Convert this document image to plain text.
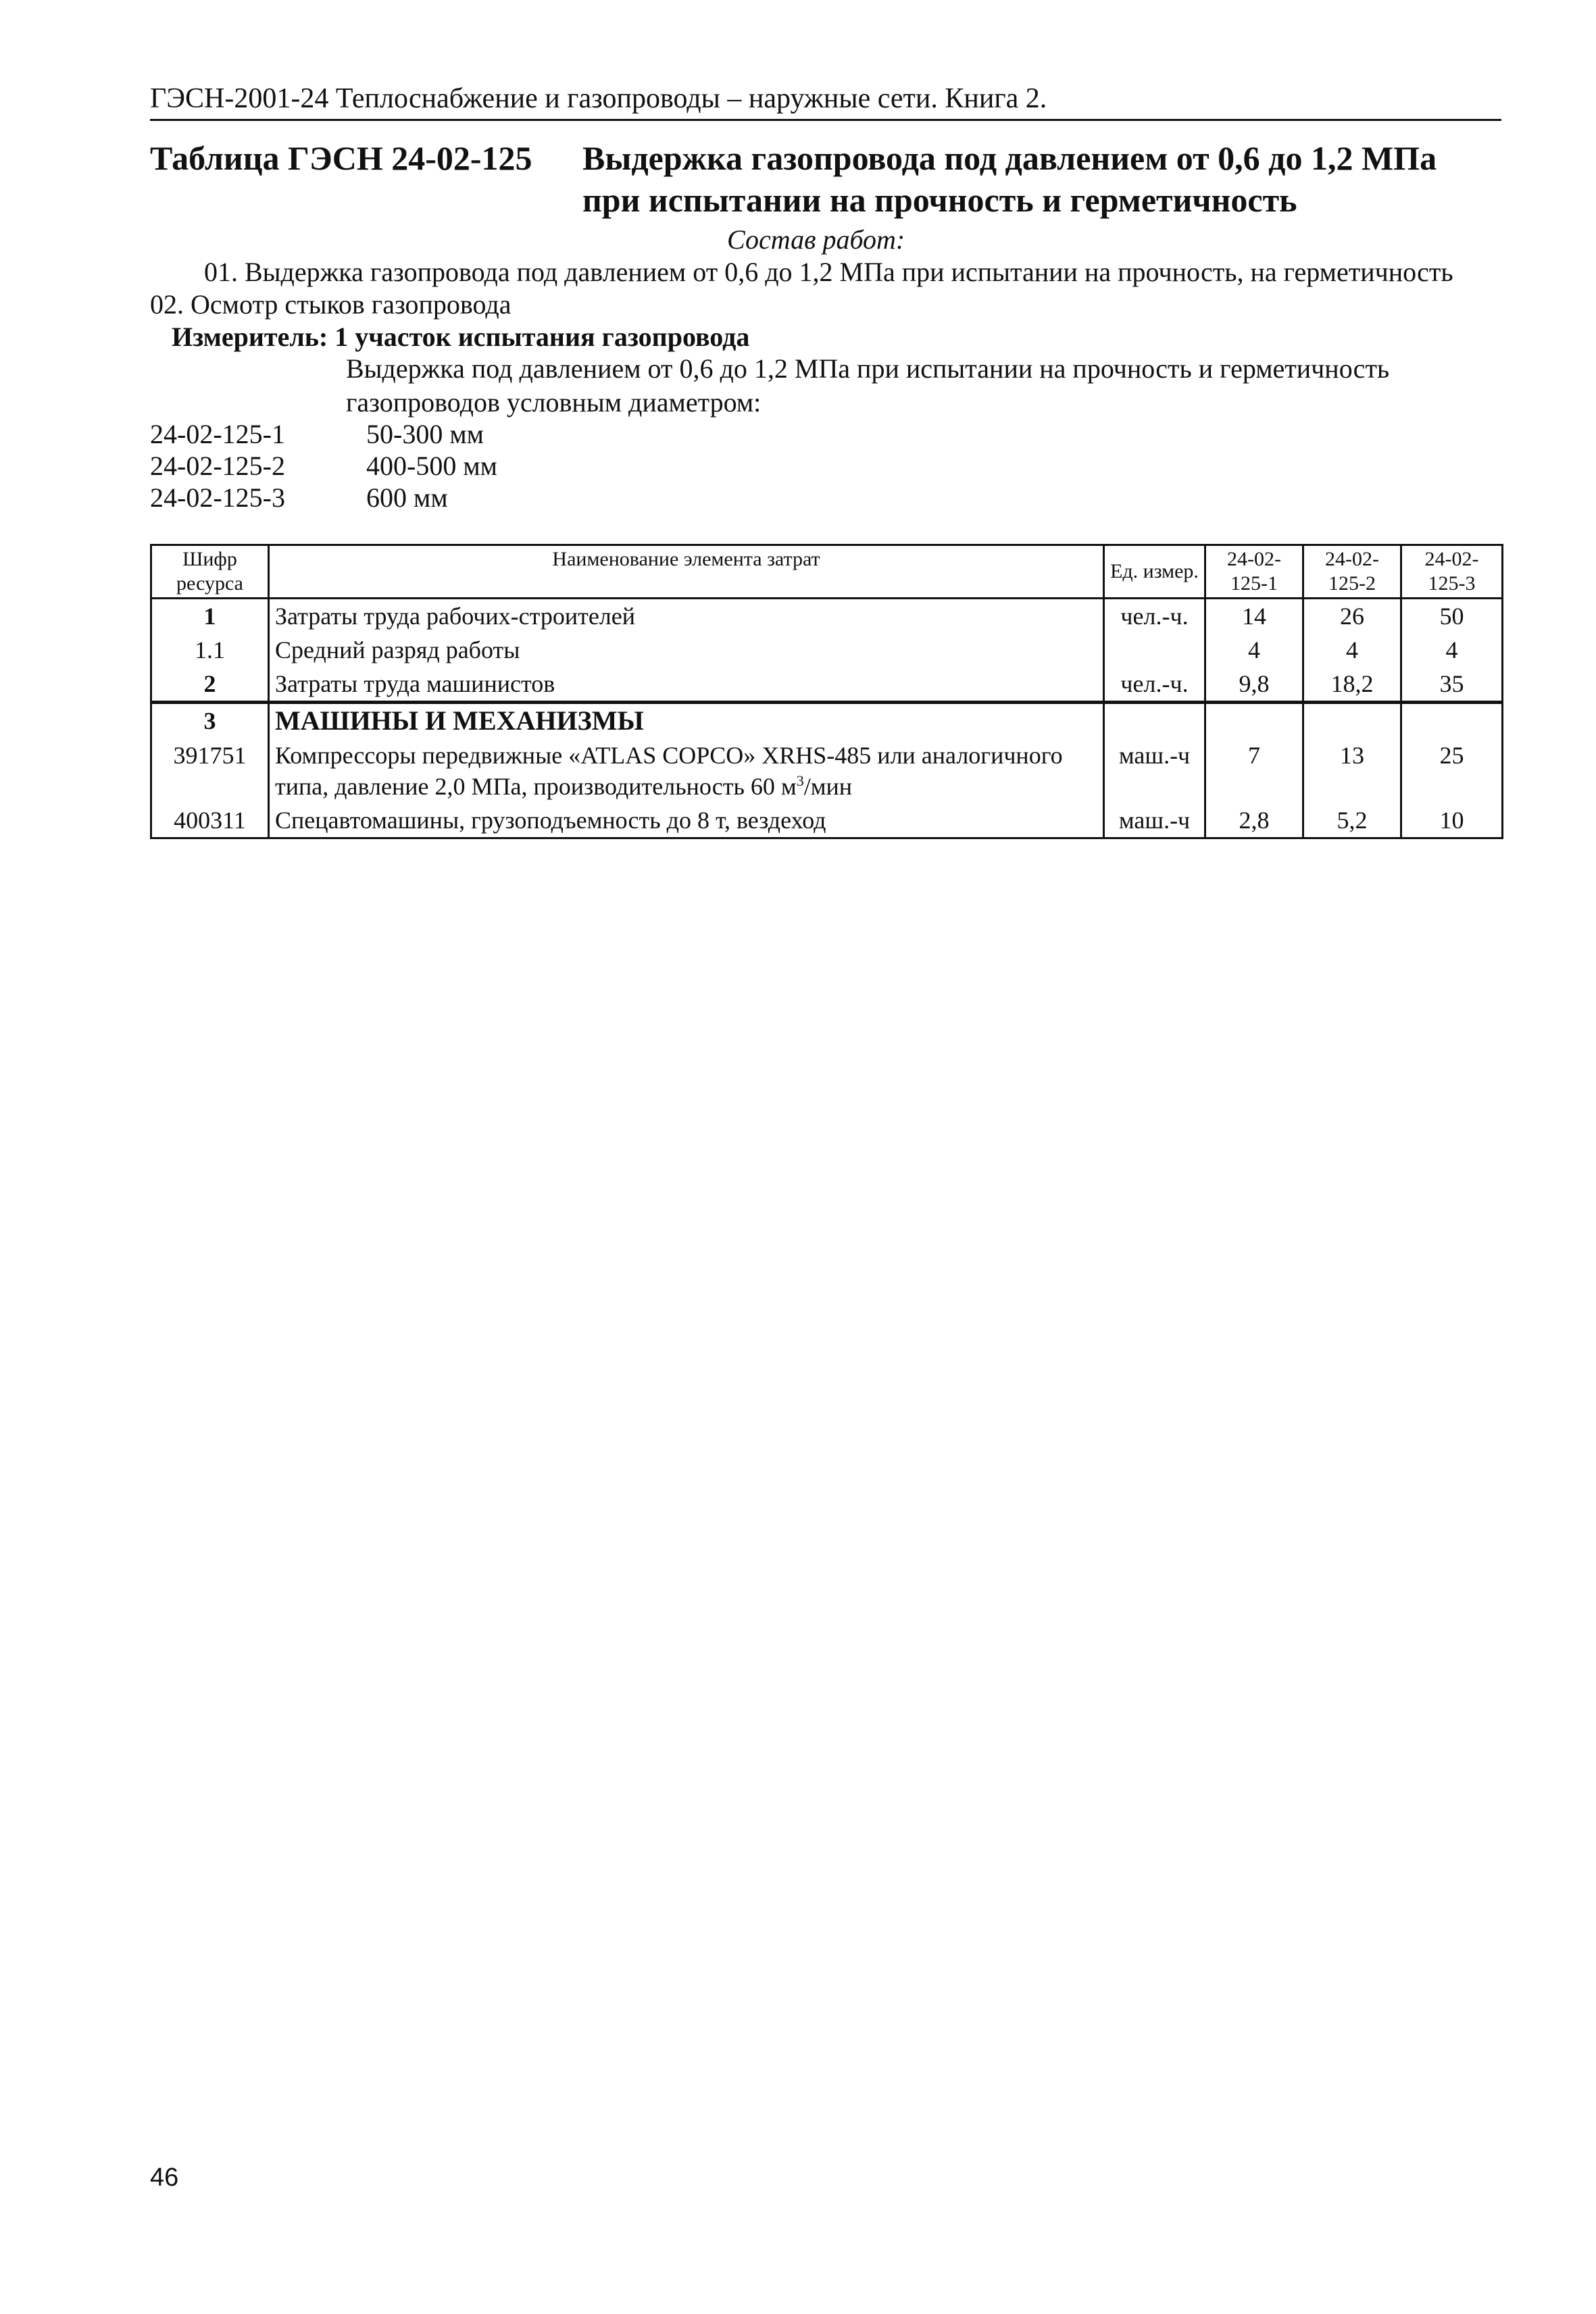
ГЭСН-2001-24 Теплоснабжение и газопроводы – наружные сети. Книга 2.
Таблица ГЭСН 24-02-125 Выдержка газопровода под давлением от 0,6 до 1,2 МПа при испытании на прочность и герметичность
Состав работ:
01. Выдержка газопровода под давлением от 0,6 до 1,2 МПа при испытании на прочность, на герметичность
02. Осмотр стыков газопровода
Измеритель: 1 участок испытания газопровода
Выдержка под давлением от 0,6 до 1,2 МПа при испытании на прочность и герметичность газопроводов условным диаметром:
24-02-125-1	50-300 мм
24-02-125-2	400-500 мм
24-02-125-3	600 мм
Шифр ресурса	Наименование элемента затрат	Ед. измер.	24-02-125-1	24-02-125-2	24-02-125-3
1	Затраты труда рабочих-строителей	чел.-ч.	14	26	50
1.1	Средний разряд работы		4	4	4
2	Затраты труда машинистов	чел.-ч.	9,8	18,2	35
3	МАШИНЫ И МЕХАНИЗМЫ				
391751	Компрессоры передвижные «ATLAS COPCO» XRHS-485 или аналогичного типа, давление 2,0 МПа, производительность 60 $м^3$/мин	маш.-ч	7	13	25
400311	Спецавтомашины, грузоподъемность до 8 т, вездеход	маш.-ч	2,8	5,2	10
46
